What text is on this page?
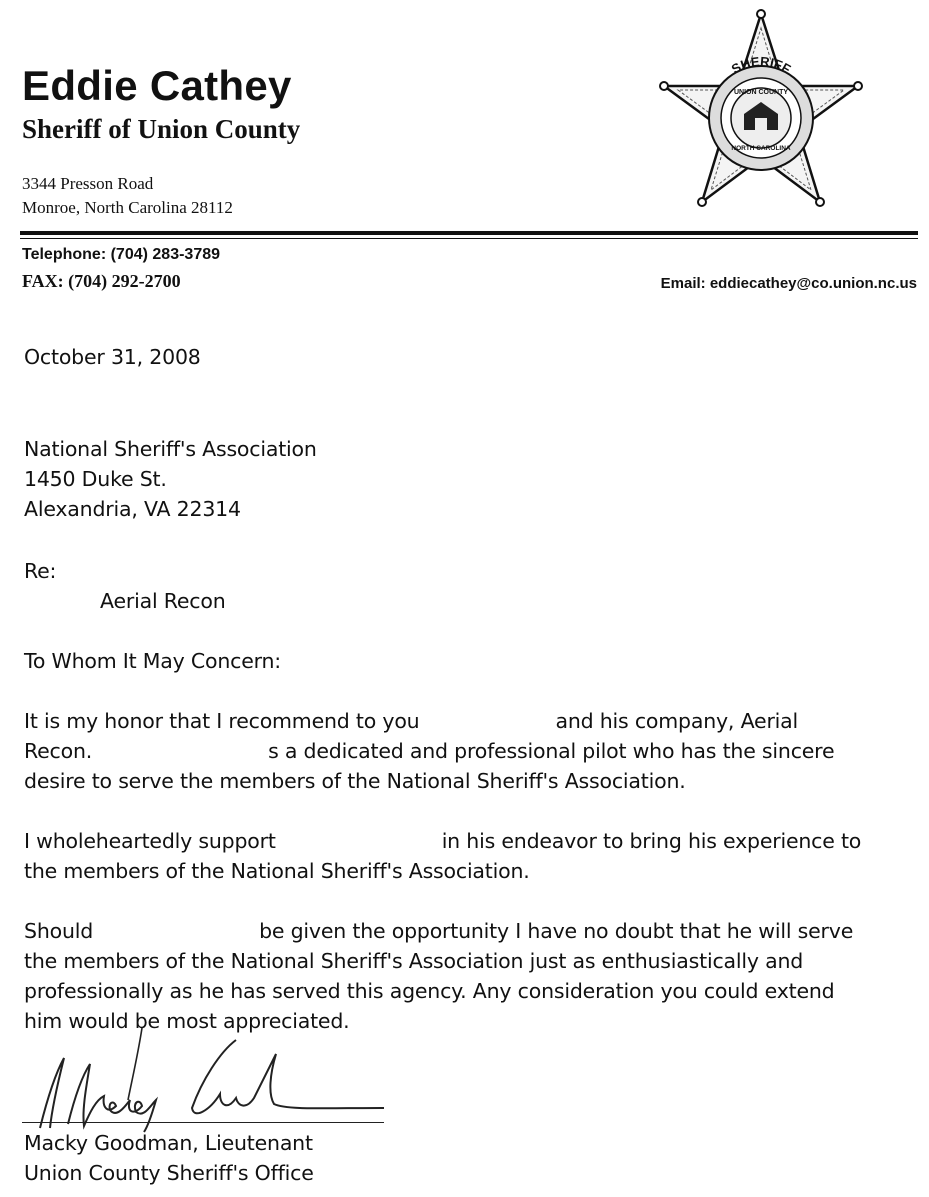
Eddie Cathey
Sheriff of Union County
3344 Presson Road
Monroe, North Carolina 28112
SHERIFF
UNION COUNTY
NORTH CAROLINA
Telephone: (704) 283-3789
FAX: (704) 292-2700	Email: eddiecathey@co.union.nc.us
October 31, 2008
National Sheriff's Association
1450 Duke St.
Alexandria, VA 22314
Re:
Aerial Recon
To Whom It May Concern:
It is my honor that I recommend to you	and his company, Aerial
Recon.	s a dedicated and professional pilot who has the sincere
desire to serve the members of the National Sheriff's Association.
I wholeheartedly support	in his endeavor to bring his experience to
the members of the National Sheriff's Association.
Should	be given the opportunity I have no doubt that he will serve
the members of the National Sheriff's Association just as enthusiastically and
professionally as he has served this agency. Any consideration you could extend
him would be most appreciated.
Macky Goodman, Lieutenant
Union County Sheriff's Office
